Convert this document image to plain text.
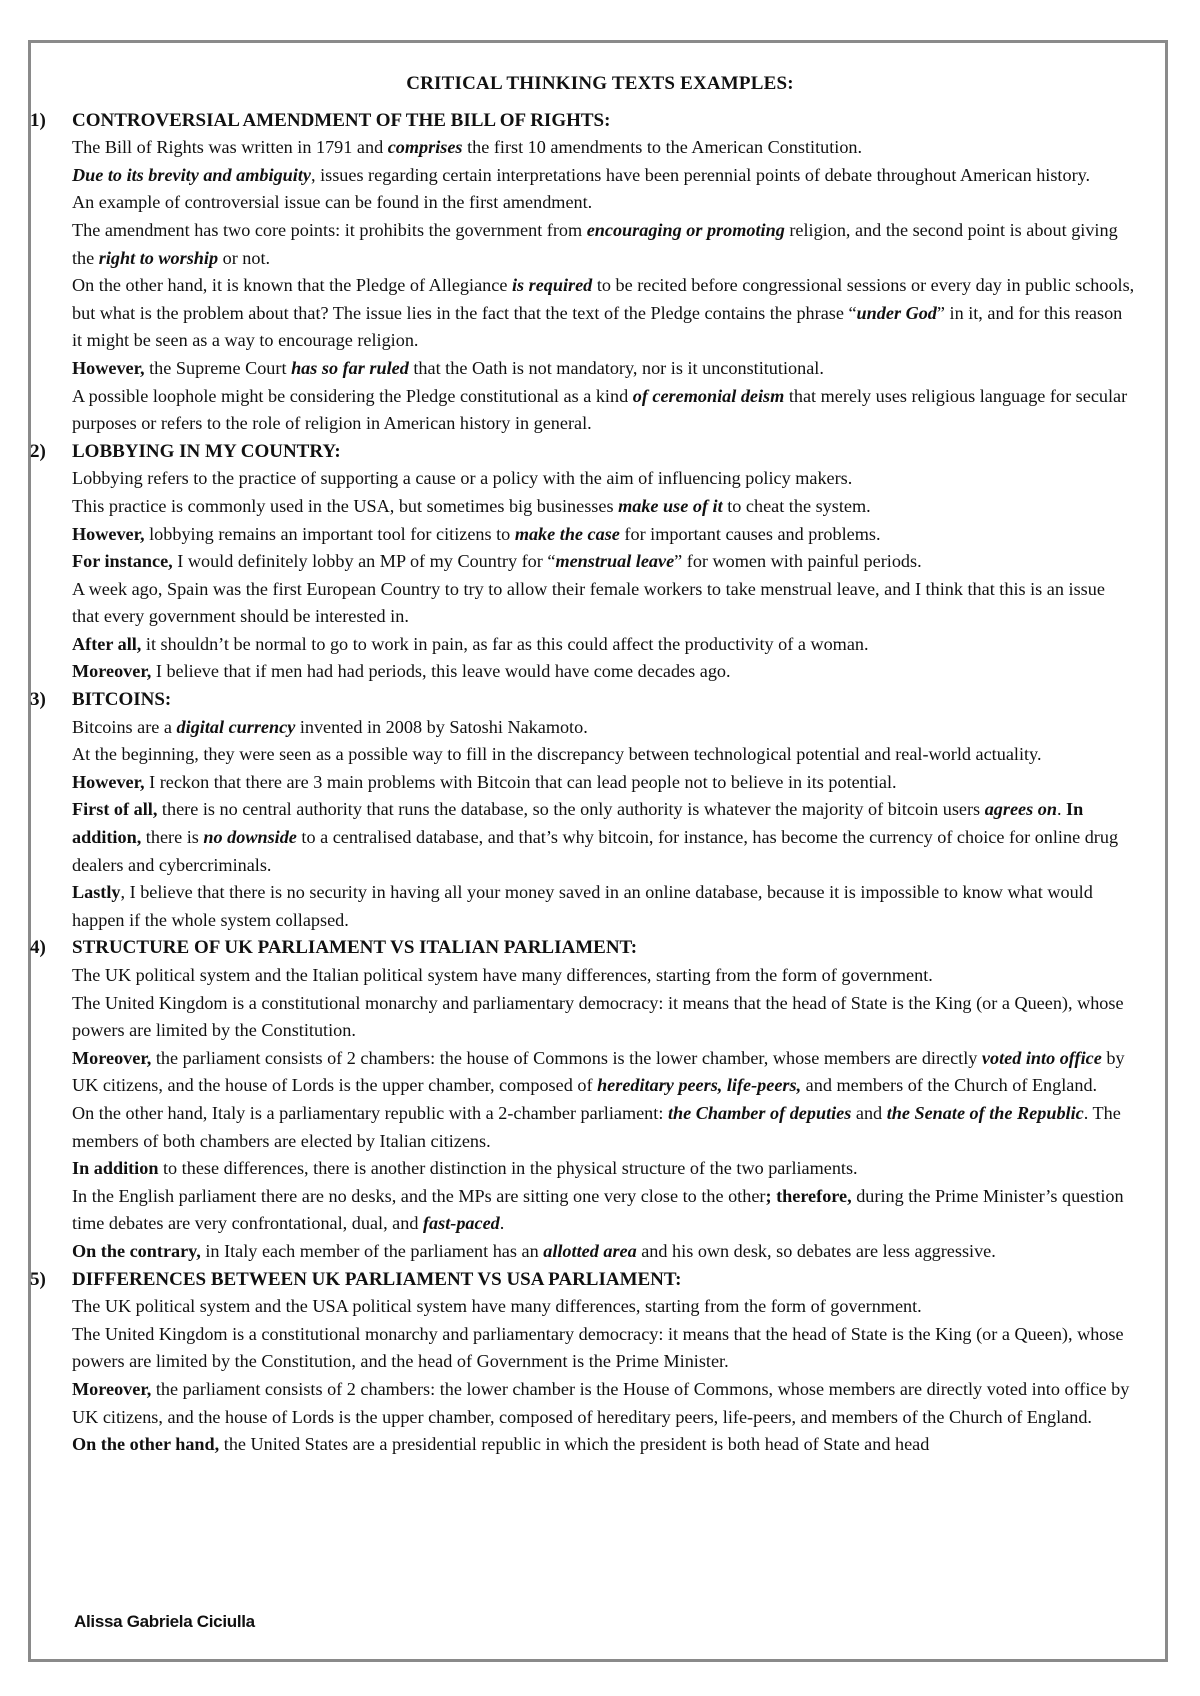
CRITICAL THINKING TEXTS EXAMPLES:
1)	CONTROVERSIAL AMENDMENT OF THE BILL OF RIGHTS:

The Bill of Rights was written in 1791 and comprises the first 10 amendments to the American Constitution.

Due to its brevity and ambiguity, issues regarding certain interpretations have been perennial points of debate throughout American history.

An example of controversial issue can be found in the first amendment.

The amendment has two core points: it prohibits the government from encouraging or promoting religion, and the second point is about giving the right to worship or not.

On the other hand, it is known that the Pledge of Allegiance is required to be recited before congressional sessions or every day in public schools, but what is the problem about that? The issue lies in the fact that the text of the Pledge contains the phrase “under God” in it, and for this reason it might be seen as a way to encourage religion.

However, the Supreme Court has so far ruled that the Oath is not mandatory, nor is it unconstitutional.

A possible loophole might be considering the Pledge constitutional as a kind of ceremonial deism that merely uses religious language for secular purposes or refers to the role of religion in American history in general.

2)	LOBBYING IN MY COUNTRY:

Lobbying refers to the practice of supporting a cause or a policy with the aim of influencing policy makers.

This practice is commonly used in the USA, but sometimes big businesses make use of it to cheat the system.

However, lobbying remains an important tool for citizens to make the case for important causes and problems.

For instance, I would definitely lobby an MP of my Country for “menstrual leave” for women with painful periods.

A week ago, Spain was the first European Country to try to allow their female workers to take menstrual leave, and I think that this is an issue that every government should be interested in.

After all, it shouldn’t be normal to go to work in pain, as far as this could affect the productivity of a woman.

Moreover, I believe that if men had had periods, this leave would have come decades ago.

3)	BITCOINS:

Bitcoins are a digital currency invented in 2008 by Satoshi Nakamoto.

At the beginning, they were seen as a possible way to fill in the discrepancy between technological potential and real-world actuality.

However, I reckon that there are 3 main problems with Bitcoin that can lead people not to believe in its potential.

First of all, there is no central authority that runs the database, so the only authority is whatever the majority of bitcoin users agrees on. In addition, there is no downside to a centralised database, and that’s why bitcoin, for instance, has become the currency of choice for online drug dealers and cybercriminals.

Lastly, I believe that there is no security in having all your money saved in an online database, because it is impossible to know what would happen if the whole system collapsed.

4)	STRUCTURE OF UK PARLIAMENT VS ITALIAN PARLIAMENT:

The UK political system and the Italian political system have many differences, starting from the form of government.

The United Kingdom is a constitutional monarchy and parliamentary democracy: it means that the head of State is the King (or a Queen), whose powers are limited by the Constitution.

Moreover, the parliament consists of 2 chambers: the house of Commons is the lower chamber, whose members are directly voted into office by UK citizens, and the house of Lords is the upper chamber, composed of hereditary peers, life-peers, and members of the Church of England.

On the other hand, Italy is a parliamentary republic with a 2-chamber parliament: the Chamber of deputies and the Senate of the Republic. The members of both chambers are elected by Italian citizens.

In addition to these differences, there is another distinction in the physical structure of the two parliaments.

In the English parliament there are no desks, and the MPs are sitting one very close to the other; therefore, during the Prime Minister’s question time debates are very confrontational, dual, and fast-paced.

On the contrary, in Italy each member of the parliament has an allotted area and his own desk, so debates are less aggressive.

5)	DIFFERENCES BETWEEN UK PARLIAMENT VS USA PARLIAMENT:

The UK political system and the USA political system have many differences, starting from the form of government.

The United Kingdom is a constitutional monarchy and parliamentary democracy: it means that the head of State is the King (or a Queen), whose powers are limited by the Constitution, and the head of Government is the Prime Minister.

Moreover, the parliament consists of 2 chambers: the lower chamber is the House of Commons, whose members are directly voted into office by UK citizens, and the house of Lords is the upper chamber, composed of hereditary peers, life-peers, and members of the Church of England.

On the other hand, the United States are a presidential republic in which the president is both head of State and head

Alissa Gabriela Ciciulla
